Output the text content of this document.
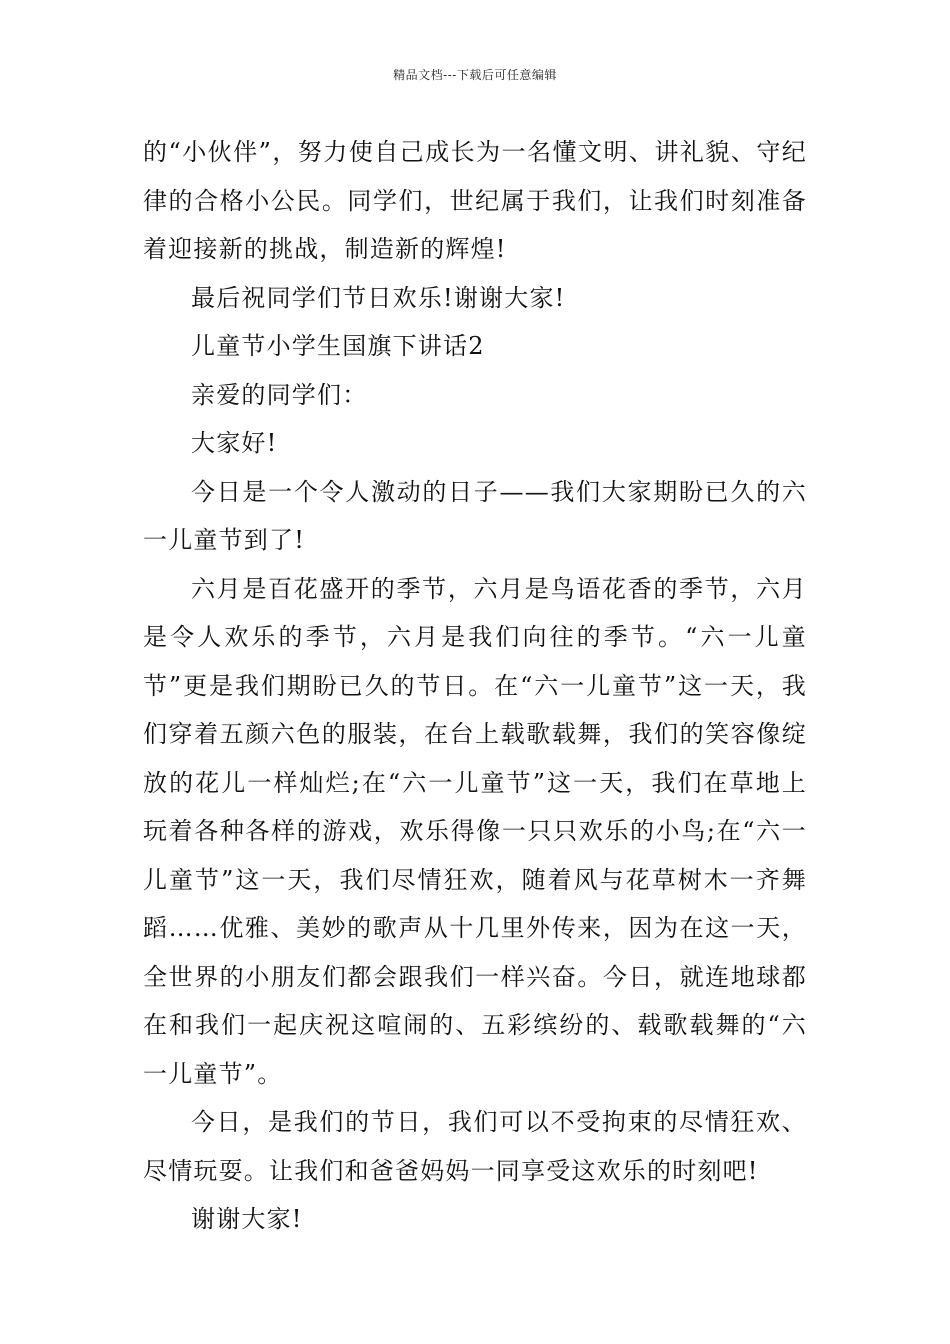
精品文档---下载后可任意编辑

的“小伙伴”，努力使自己成长为一名懂文明、讲礼貌、守纪律的合格小公民。同学们，世纪属于我们，让我们时刻准备着迎接新的挑战，制造新的辉煌!

最后祝同学们节日欢乐!谢谢大家!

儿童节小学生国旗下讲话2

亲爱的同学们：

大家好!

今日是一个令人激动的日子——我们大家期盼已久的六一儿童节到了!

六月是百花盛开的季节，六月是鸟语花香的季节，六月是令人欢乐的季节，六月是我们向往的季节。“六一儿童节”更是我们期盼已久的节日。在“六一儿童节”这一天，我们穿着五颜六色的服装，在台上载歌载舞，我们的笑容像绽放的花儿一样灿烂;在“六一儿童节”这一天，我们在草地上玩着各种各样的游戏，欢乐得像一只只欢乐的小鸟;在“六一儿童节”这一天，我们尽情狂欢，随着风与花草树木一齐舞蹈……优雅、美妙的歌声从十几里外传来，因为在这一天，全世界的小朋友们都会跟我们一样兴奋。今日，就连地球都在和我们一起庆祝这喧闹的、五彩缤纷的、载歌载舞的“六一儿童节”。

今日，是我们的节日，我们可以不受拘束的尽情狂欢、尽情玩耍。让我们和爸爸妈妈一同享受这欢乐的时刻吧!

谢谢大家!
